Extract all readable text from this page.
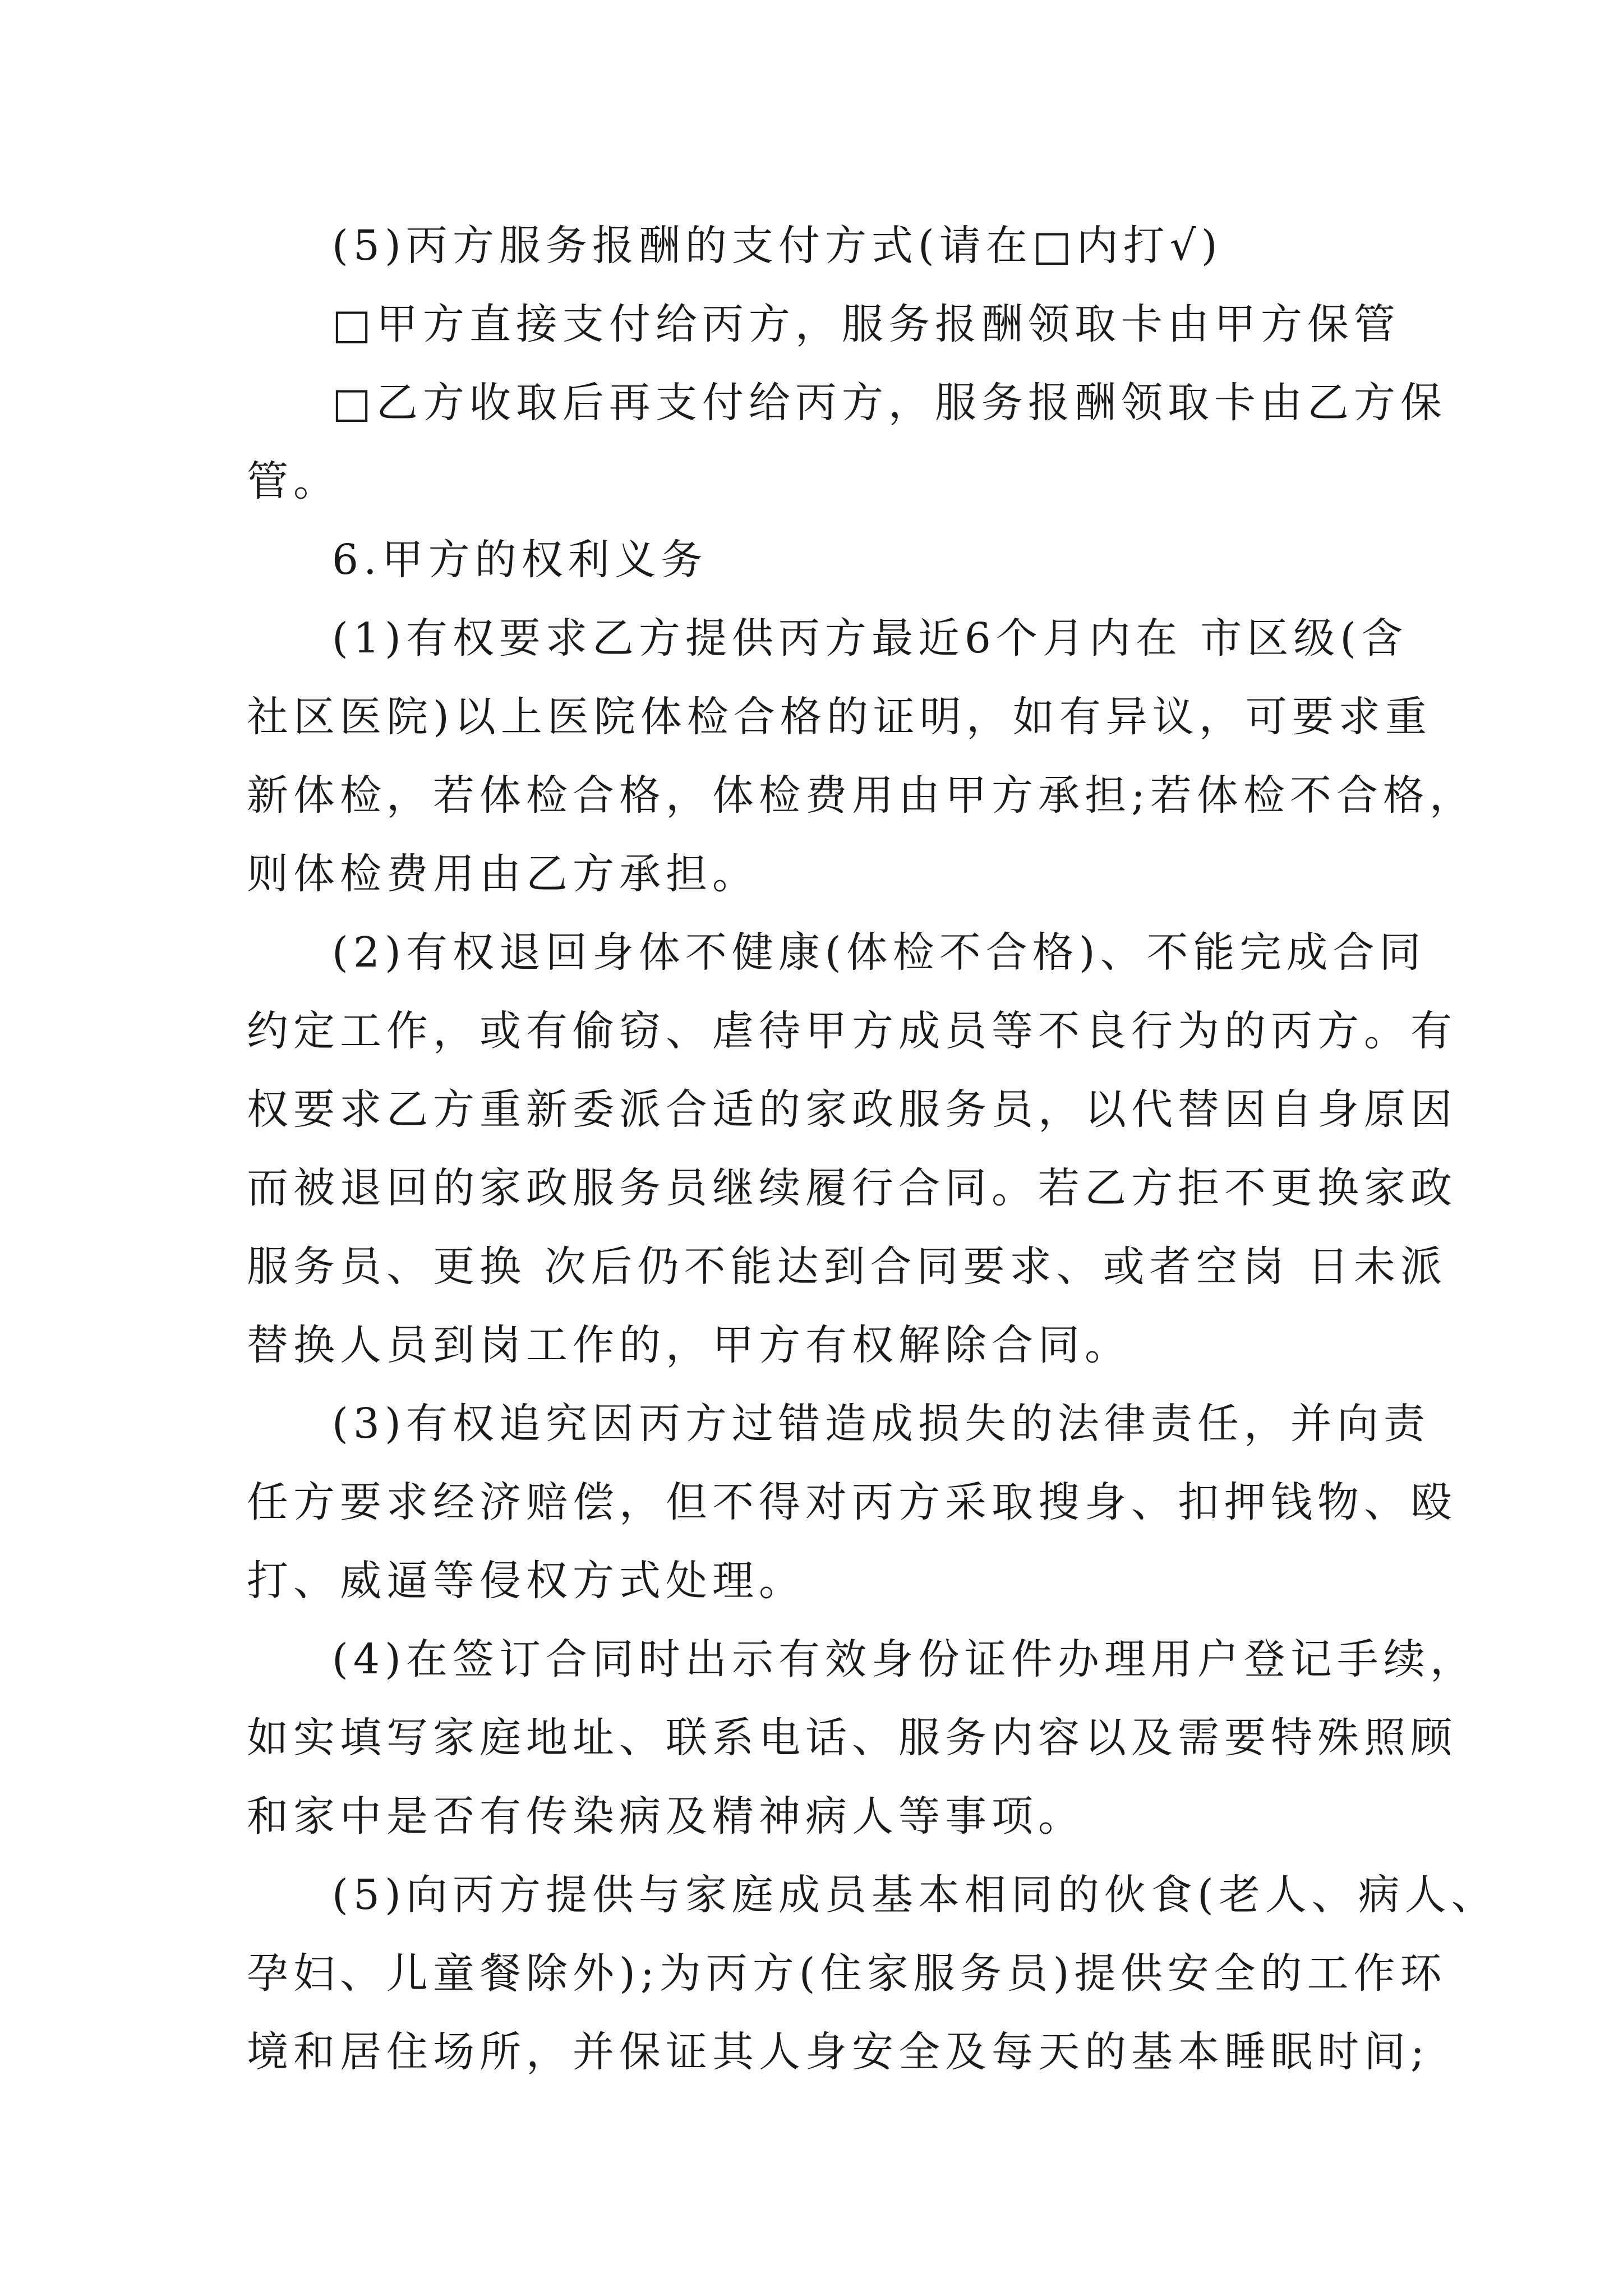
(5)丙方服务报酬的支付方式(请在□内打√)
□甲方直接支付给丙方，服务报酬领取卡由甲方保管
□乙方收取后再支付给丙方，服务报酬领取卡由乙方保
管。
6.甲方的权利义务
(1)有权要求乙方提供丙方最近6个月内在 市区级(含
社区医院)以上医院体检合格的证明，如有异议，可要求重
新体检，若体检合格，体检费用由甲方承担;若体检不合格，
则体检费用由乙方承担。
(2)有权退回身体不健康(体检不合格)、不能完成合同
约定工作，或有偷窃、虐待甲方成员等不良行为的丙方。有
权要求乙方重新委派合适的家政服务员，以代替因自身原因
而被退回的家政服务员继续履行合同。若乙方拒不更换家政
服务员、更换 次后仍不能达到合同要求、或者空岗 日未派
替换人员到岗工作的，甲方有权解除合同。
(3)有权追究因丙方过错造成损失的法律责任，并向责
任方要求经济赔偿，但不得对丙方采取搜身、扣押钱物、殴
打、威逼等侵权方式处理。
(4)在签订合同时出示有效身份证件办理用户登记手续，
如实填写家庭地址、联系电话、服务内容以及需要特殊照顾
和家中是否有传染病及精神病人等事项。
(5)向丙方提供与家庭成员基本相同的伙食(老人、病人、
孕妇、儿童餐除外);为丙方(住家服务员)提供安全的工作环
境和居住场所，并保证其人身安全及每天的基本睡眠时间;
